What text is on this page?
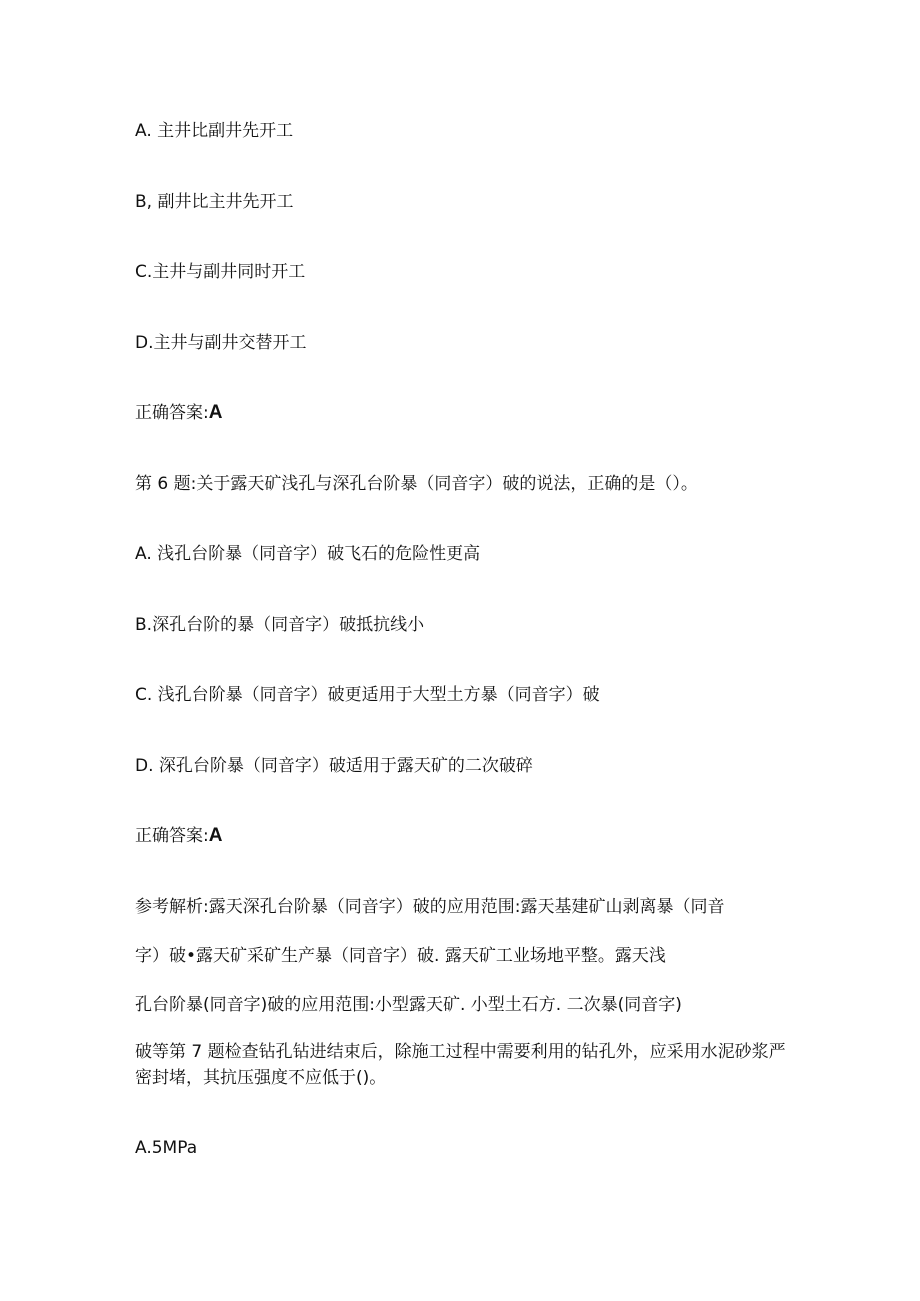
A. 主井比副井先开工

B, 副井比主井先开工

C.主井与副井同时开工

D.主井与副井交替开工

正确答案:A

第 6 题:关于露天矿浅孔与深孔台阶暴（同音字）破的说法，正确的是（）。

A. 浅孔台阶暴（同音字）破飞石的危险性更高

B.深孔台阶的暴（同音字）破抵抗线小

C. 浅孔台阶暴（同音字）破更适用于大型土方暴（同音字）破

D. 深孔台阶暴（同音字）破适用于露天矿的二次破碎

正确答案:A

参考解析:露天深孔台阶暴（同音字）破的应用范围:露天基建矿山剥离暴（同音

字）破•露天矿采矿生产暴（同音字）破. 露天矿工业场地平整。露天浅

孔台阶暴(同音字)破的应用范围:小型露天矿. 小型土石方. 二次暴(同音字)

破等第 7 题检查钻孔钻进结束后，除施工过程中需要利用的钻孔外，应采用水泥砂浆严密封堵，其抗压强度不应低于()。

A.5MPa
